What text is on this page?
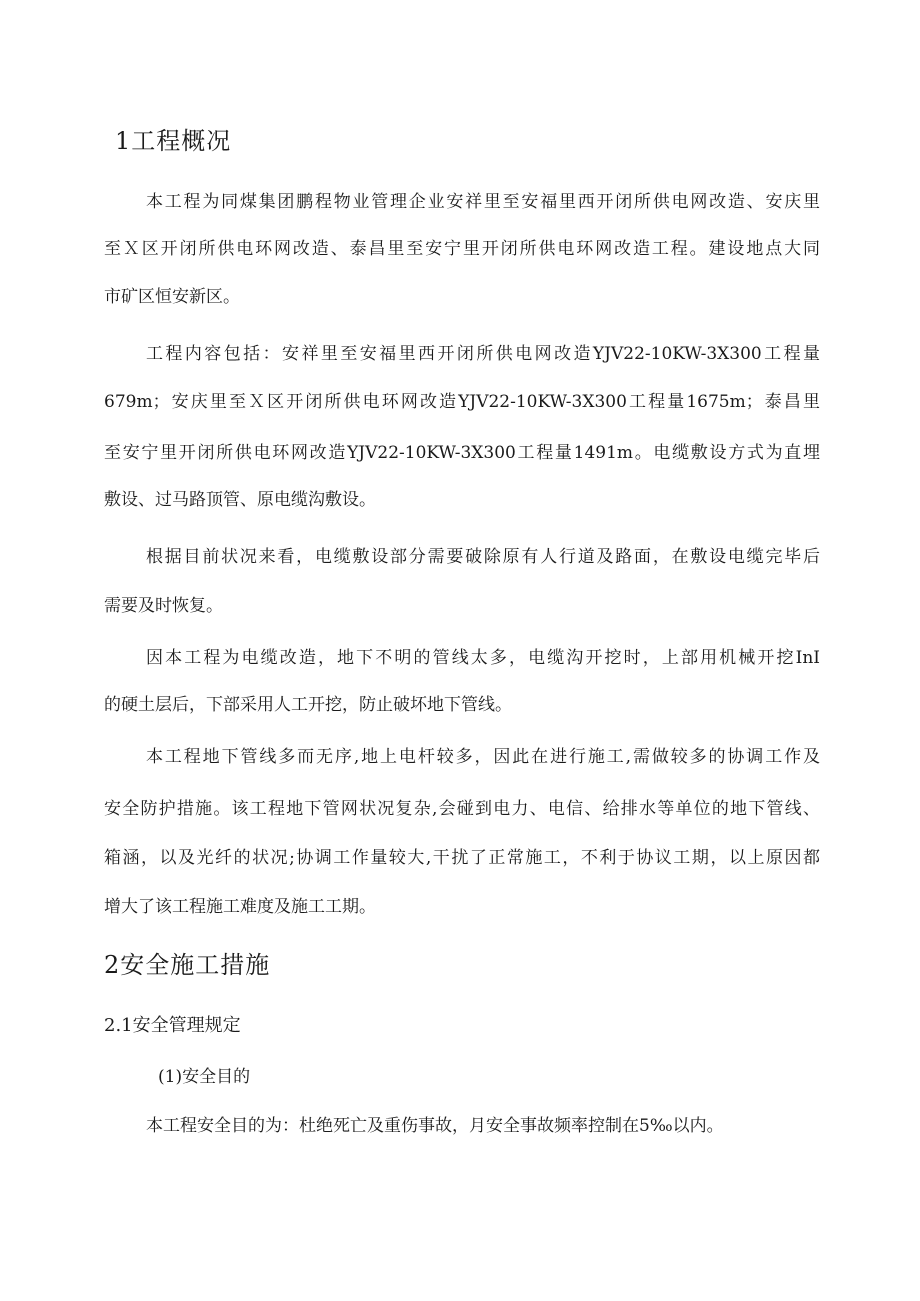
1工程概况
本工程为同煤集团鹏程物业管理企业安祥里至安福里西开闭所供电网改造、安庆里
至Ｘ区开闭所供电环网改造、泰昌里至安宁里开闭所供电环网改造工程。建设地点大同
市矿区恒安新区。
工程内容包括：安祥里至安福里西开闭所供电网改造YJV22-10KW-3X300工程量
679m；安庆里至Ｘ区开闭所供电环网改造YJV22-10KW-3X300工程量1675m；泰昌里
至安宁里开闭所供电环网改造YJV22-10KW-3X300工程量1491m。电缆敷设方式为直埋
敷设、过马路顶管、原电缆沟敷设。
根据目前状况来看，电缆敷设部分需要破除原有人行道及路面，在敷设电缆完毕后
需要及时恢复。
因本工程为电缆改造，地下不明的管线太多，电缆沟开挖时，上部用机械开挖InI
的硬土层后，下部采用人工开挖，防止破坏地下管线。
本工程地下管线多而无序,地上电杆较多，因此在进行施工,需做较多的协调工作及
安全防护措施。该工程地下管网状况复杂,会碰到电力、电信、给排水等单位的地下管线、
箱涵，以及光纤的状况;协调工作量较大,干扰了正常施工，不利于协议工期，以上原因都
增大了该工程施工难度及施工工期。
2安全施工措施
2.1安全管理规定
(1)安全目的
本工程安全目的为：杜绝死亡及重伤事故，月安全事故频率控制在5‰以内。
